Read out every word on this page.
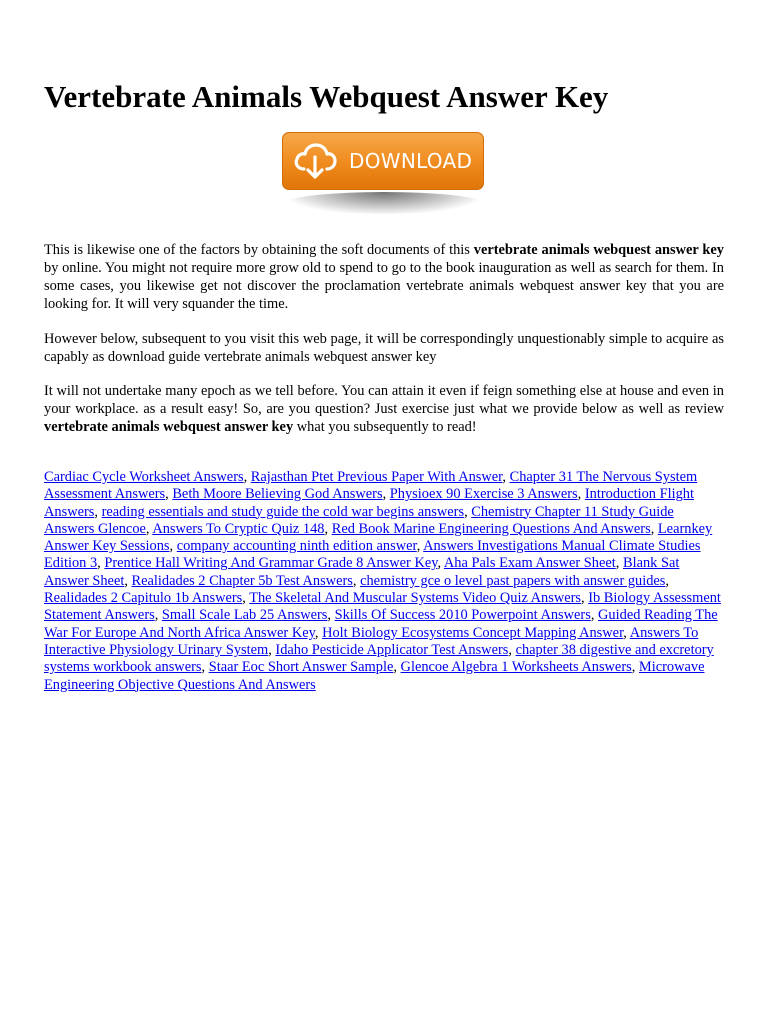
Vertebrate Animals Webquest Answer Key
DOWNLOAD

This is likewise one of the factors by obtaining the soft documents of this vertebrate animals webquest answer key by online. You might not require more grow old to spend to go to the book inauguration as well as search for them. In some cases, you likewise get not discover the proclamation vertebrate animals webquest answer key that you are looking for. It will very squander the time.

However below, subsequent to you visit this web page, it will be correspondingly unquestionably simple to acquire as capably as download guide vertebrate animals webquest answer key

It will not undertake many epoch as we tell before. You can attain it even if feign something else at house and even in your workplace. as a result easy! So, are you question? Just exercise just what we provide below as well as review vertebrate animals webquest answer key what you subsequently to read!

Cardiac Cycle Worksheet Answers, Rajasthan Ptet Previous Paper With Answer, Chapter 31 The Nervous System Assessment Answers, Beth Moore Believing God Answers, Physioex 90 Exercise 3 Answers, Introduction Flight Answers, reading essentials and study guide the cold war begins answers, Chemistry Chapter 11 Study Guide Answers Glencoe, Answers To Cryptic Quiz 148, Red Book Marine Engineering Questions And Answers, Learnkey Answer Key Sessions, company accounting ninth edition answer, Answers Investigations Manual Climate Studies Edition 3, Prentice Hall Writing And Grammar Grade 8 Answer Key, Aha Pals Exam Answer Sheet, Blank Sat Answer Sheet, Realidades 2 Chapter 5b Test Answers, chemistry gce o level past papers with answer guides, Realidades 2 Capitulo 1b Answers, The Skeletal And Muscular Systems Video Quiz Answers, Ib Biology Assessment Statement Answers, Small Scale Lab 25 Answers, Skills Of Success 2010 Powerpoint Answers, Guided Reading The War For Europe And North Africa Answer Key, Holt Biology Ecosystems Concept Mapping Answer, Answers To Interactive Physiology Urinary System, Idaho Pesticide Applicator Test Answers, chapter 38 digestive and excretory systems workbook answers, Staar Eoc Short Answer Sample, Glencoe Algebra 1 Worksheets Answers, Microwave Engineering Objective Questions And Answers
